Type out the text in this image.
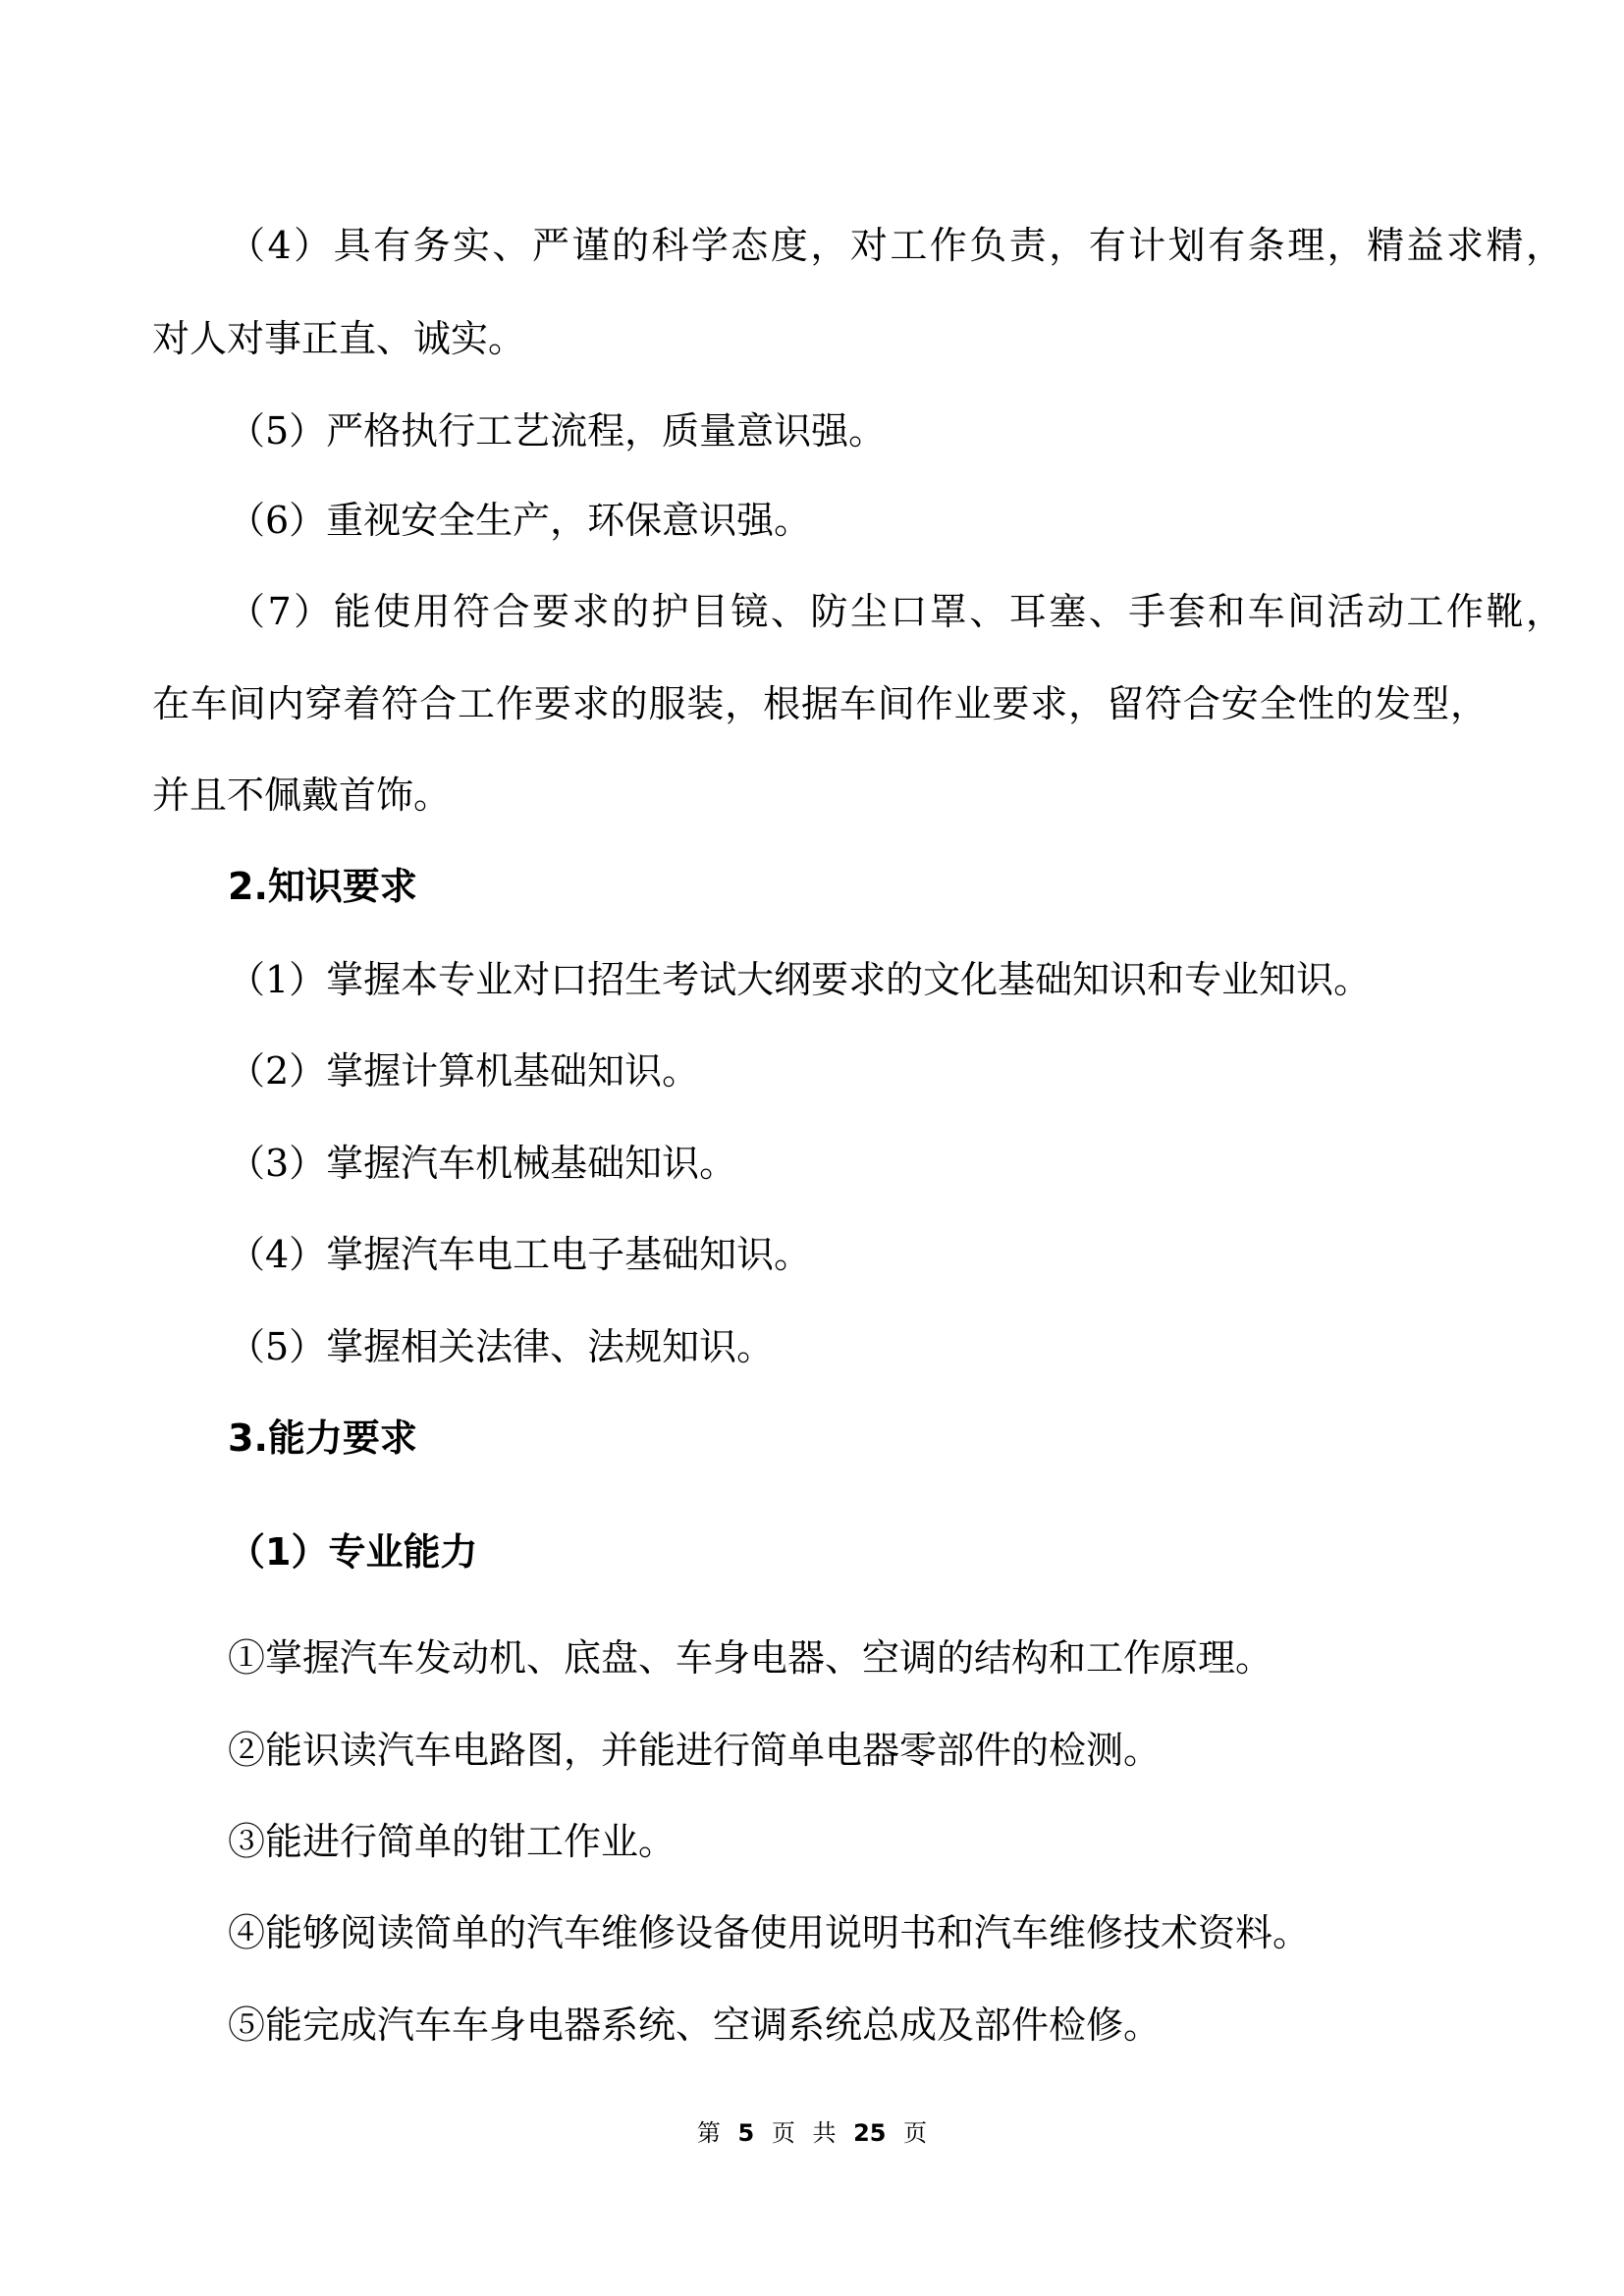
（4）具有务实、严谨的科学态度，对工作负责，有计划有条理，精益求精，
对人对事正直、诚实。
（5）严格执行工艺流程，质量意识强。
（6）重视安全生产，环保意识强。
（7）能使用符合要求的护目镜、防尘口罩、耳塞、手套和车间活动工作靴，
在车间内穿着符合工作要求的服装，根据车间作业要求，留符合安全性的发型，
并且不佩戴首饰。
2.知识要求
（1）掌握本专业对口招生考试大纲要求的文化基础知识和专业知识。
（2）掌握计算机基础知识。
（3）掌握汽车机械基础知识。
（4）掌握汽车电工电子基础知识。
（5）掌握相关法律、法规知识。
3.能力要求
（1）专业能力
①掌握汽车发动机、底盘、车身电器、空调的结构和工作原理。
②能识读汽车电路图，并能进行简单电器零部件的检测。
③能进行简单的钳工作业。
④能够阅读简单的汽车维修设备使用说明书和汽车维修技术资料。
⑤能完成汽车车身电器系统、空调系统总成及部件检修。
第 5 页 共 25 页
